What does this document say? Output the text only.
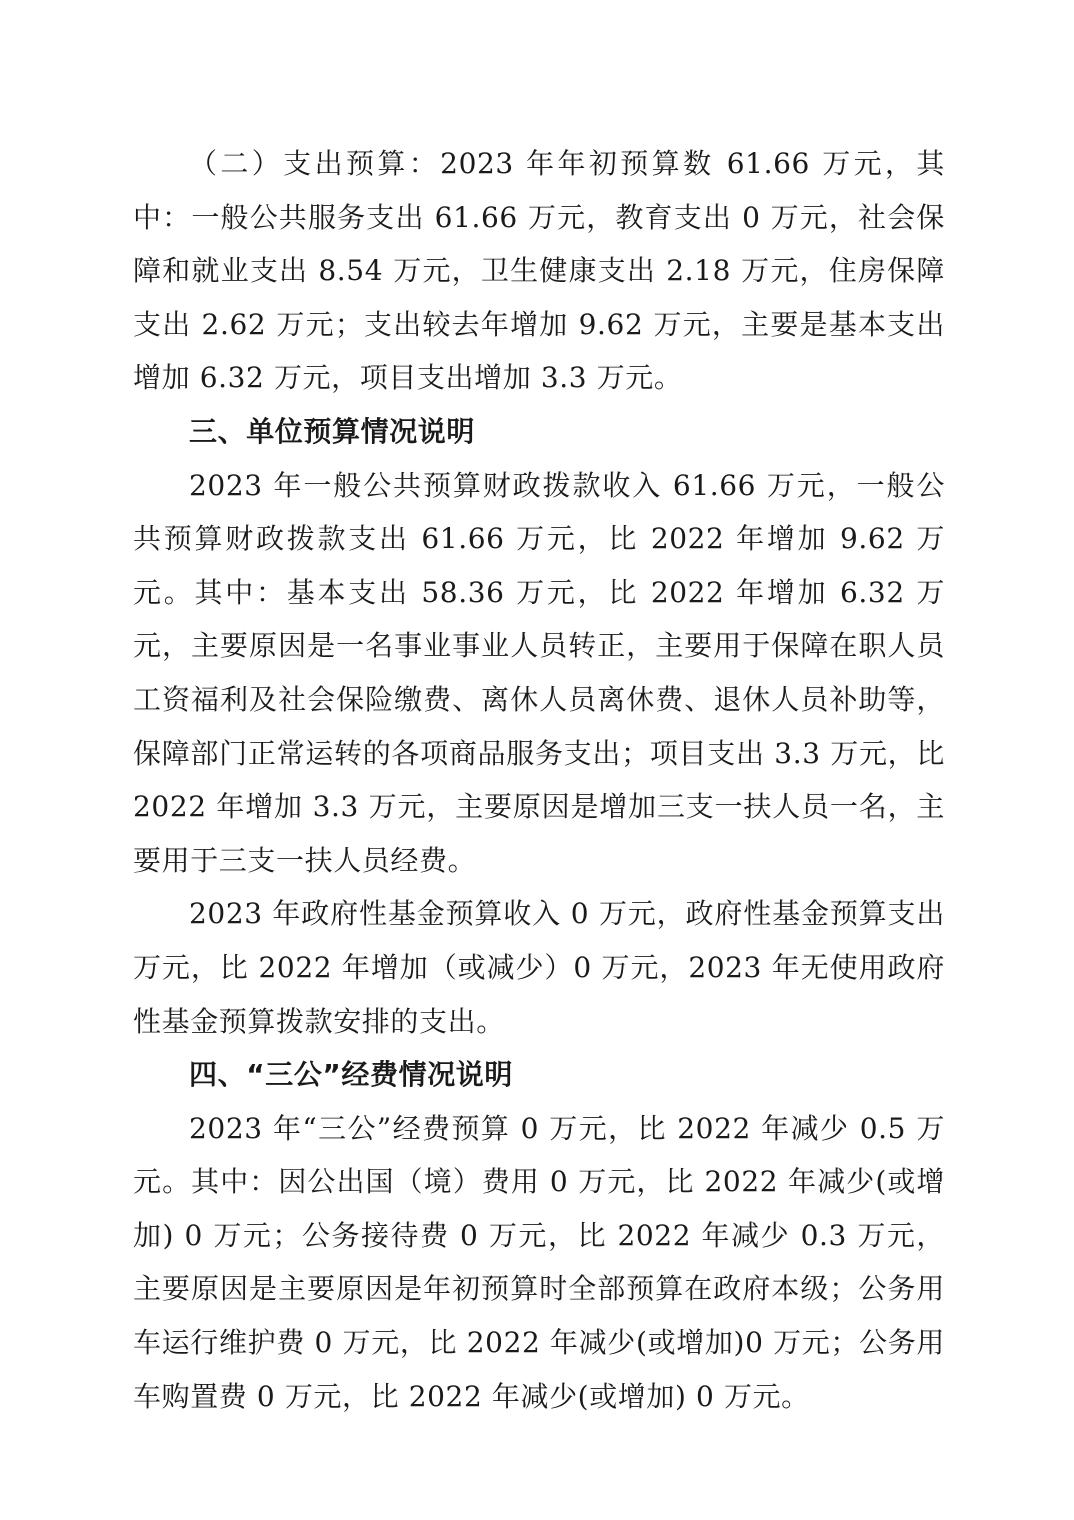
（二）支出预算：2023 年年初预算数 61.66 万元，其中：一般公共服务支出 61.66 万元，教育支出 0 万元，社会保障和就业支出 8.54 万元，卫生健康支出 2.18 万元，住房保障支出 2.62 万元；支出较去年增加 9.62 万元，主要是基本支出增加 6.32 万元，项目支出增加 3.3 万元。

三、单位预算情况说明

2023 年一般公共预算财政拨款收入 61.66 万元，一般公共预算财政拨款支出 61.66 万元，比 2022 年增加 9.62 万元。其中：基本支出 58.36 万元，比 2022 年增加 6.32 万元，主要原因是一名事业事业人员转正，主要用于保障在职人员工资福利及社会保险缴费、离休人员离休费、退休人员补助等，保障部门正常运转的各项商品服务支出；项目支出 3.3 万元，比 2022 年增加 3.3 万元，主要原因是增加三支一扶人员一名，主要用于三支一扶人员经费。

2023 年政府性基金预算收入 0 万元，政府性基金预算支出万元，比 2022 年增加（或减少）0 万元，2023 年无使用政府性基金预算拨款安排的支出。

四、“三公”经费情况说明

2023 年“三公”经费预算 0 万元，比 2022 年减少 0.5 万元。其中：因公出国（境）费用 0 万元，比 2022 年减少(或增加) 0 万元；公务接待费 0 万元，比 2022 年减少 0.3 万元，主要原因是主要原因是年初预算时全部预算在政府本级；公务用车运行维护费 0 万元，比 2022 年减少(或增加)0 万元；公务用车购置费 0 万元，比 2022 年减少(或增加) 0 万元。
